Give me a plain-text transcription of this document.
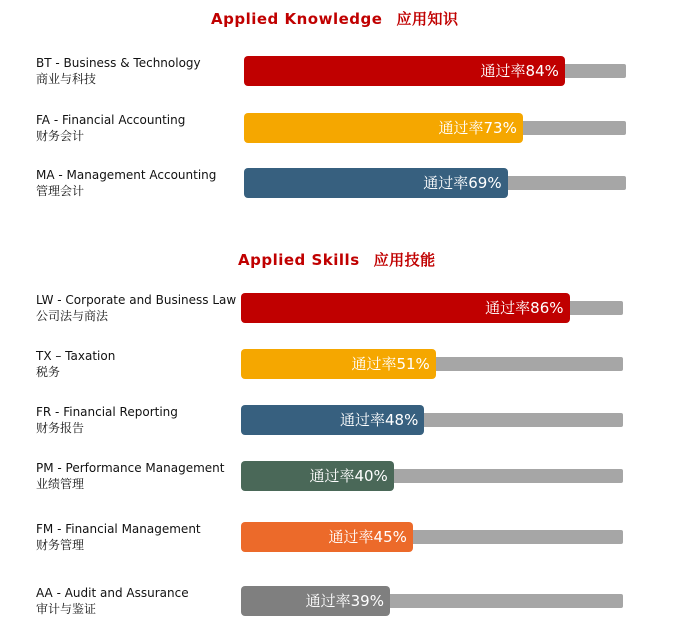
Applied Knowledge 应用知识
BT - Business & Technology
商业与科技	通过率84%
FA - Financial Accounting
财务会计	通过率73%
MA - Management Accounting
管理会计	通过率69%
Applied Skills 应用技能
LW - Corporate and Business Law
公司法与商法	通过率86%
TX – Taxation
税务	通过率51%
FR - Financial Reporting
财务报告	通过率48%
PM - Performance Management
业绩管理	通过率40%
FM - Financial Management
财务管理	通过率45%
AA - Audit and Assurance
审计与鉴证	通过率39%
